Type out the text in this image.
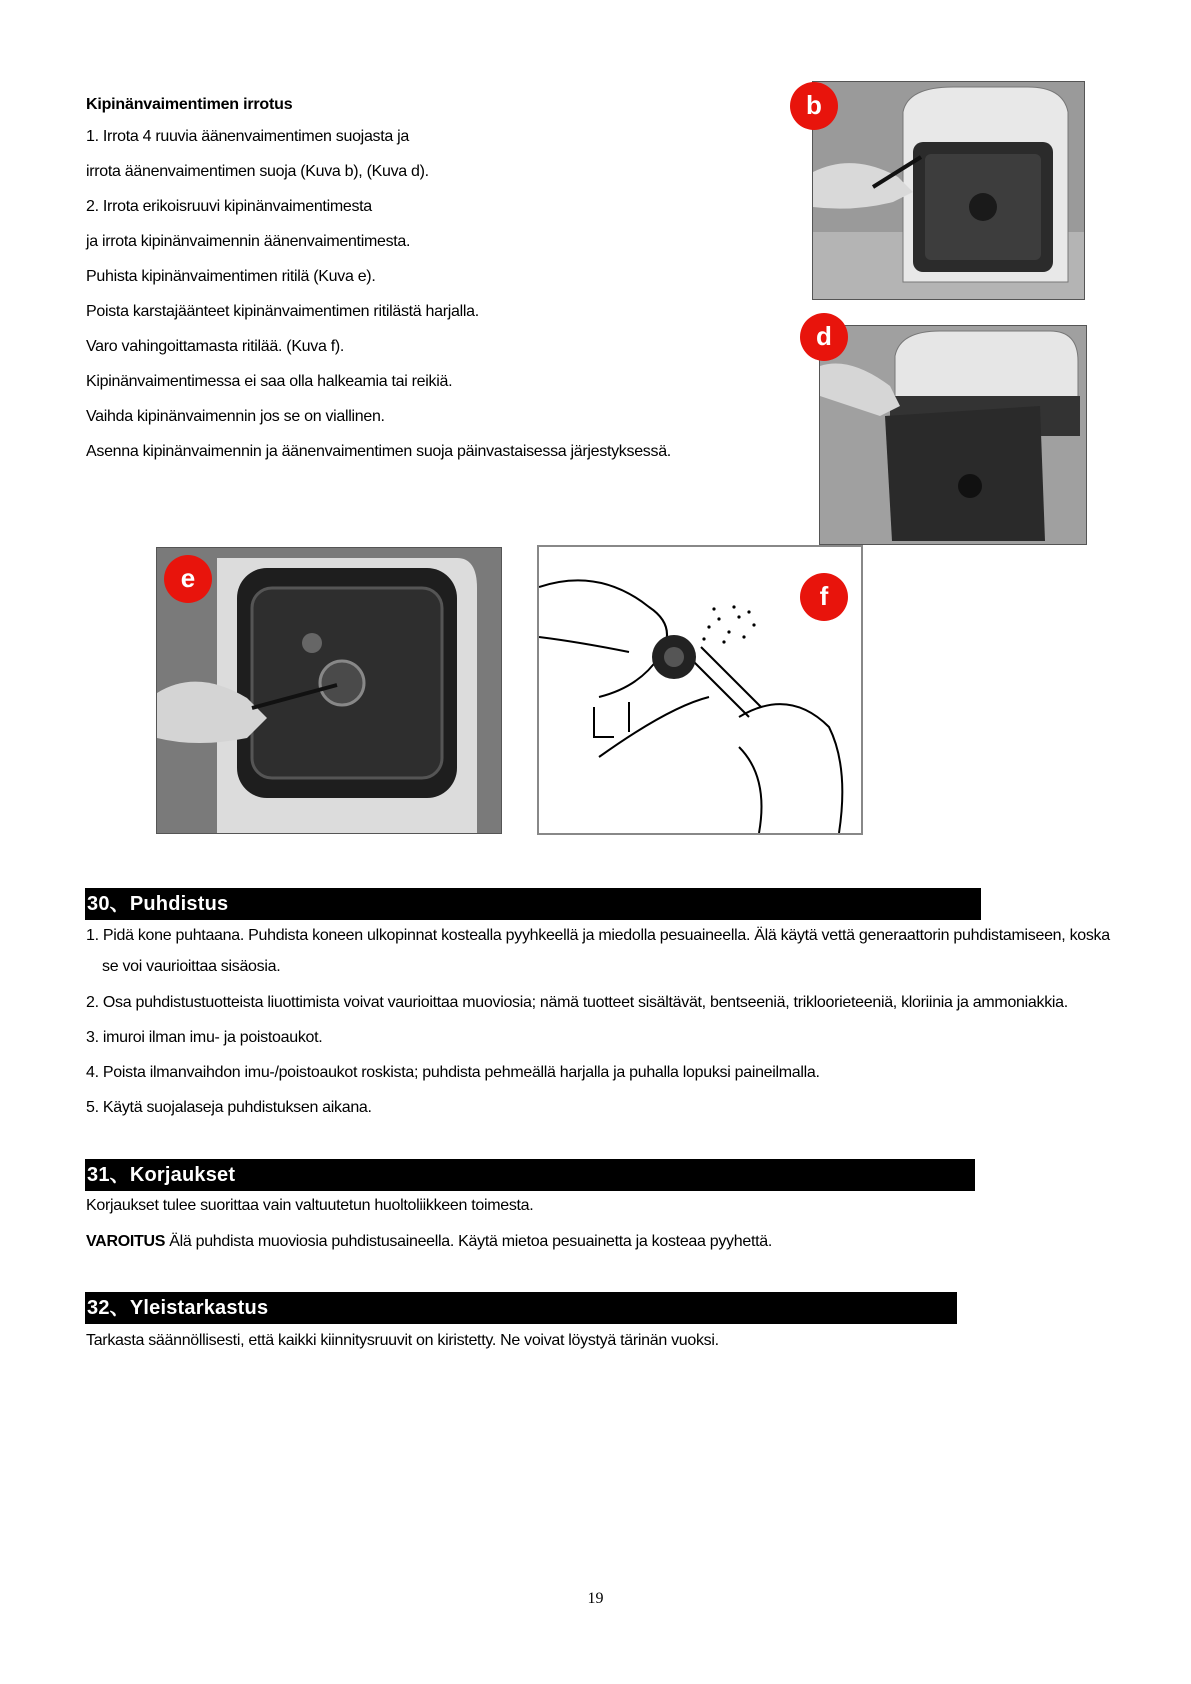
Kipinänvaimentimen irrotus
1. Irrota 4 ruuvia äänenvaimentimen suojasta ja
irrota äänenvaimentimen suoja (Kuva b), (Kuva d).
2. Irrota erikoisruuvi kipinänvaimentimesta
ja irrota kipinänvaimennin äänenvaimentimesta.
Puhista kipinänvaimentimen ritilä (Kuva e).
Poista karstajäänteet kipinänvaimentimen ritilästä harjalla.
Varo vahingoittamasta ritilää. (Kuva f).
Kipinänvaimentimessa ei saa olla halkeamia tai reikiä.
Vaihda kipinänvaimennin jos se on viallinen.
Asenna kipinänvaimennin ja äänenvaimentimen suoja päinvastaisessa järjestyksessä.
b
d
e
f
30、Puhdistus
1. Pidä kone puhtaana. Puhdista koneen ulkopinnat kostealla pyyhkeellä ja miedolla pesuaineella. Älä käytä vettä generaattorin puhdistamiseen, koska
se voi vaurioittaa sisäosia.
2. Osa puhdistustuotteista liuottimista voivat vaurioittaa muoviosia; nämä tuotteet sisältävät, bentseeniä, trikloorieteeniä, kloriinia ja ammoniakkia.
3. imuroi ilman imu- ja poistoaukot.
4. Poista ilmanvaihdon imu-/poistoaukot roskista; puhdista pehmeällä harjalla ja puhalla lopuksi paineilmalla.
5. Käytä suojalaseja puhdistuksen aikana.
31、Korjaukset
Korjaukset tulee suorittaa vain valtuutetun huoltoliikkeen toimesta.
VAROITUS Älä puhdista muoviosia puhdistusaineella. Käytä mietoa pesuainetta ja kosteaa pyyhettä.
32、Yleistarkastus
Tarkasta säännöllisesti, että kaikki kiinnitysruuvit on kiristetty. Ne voivat löystyä tärinän vuoksi.
19
